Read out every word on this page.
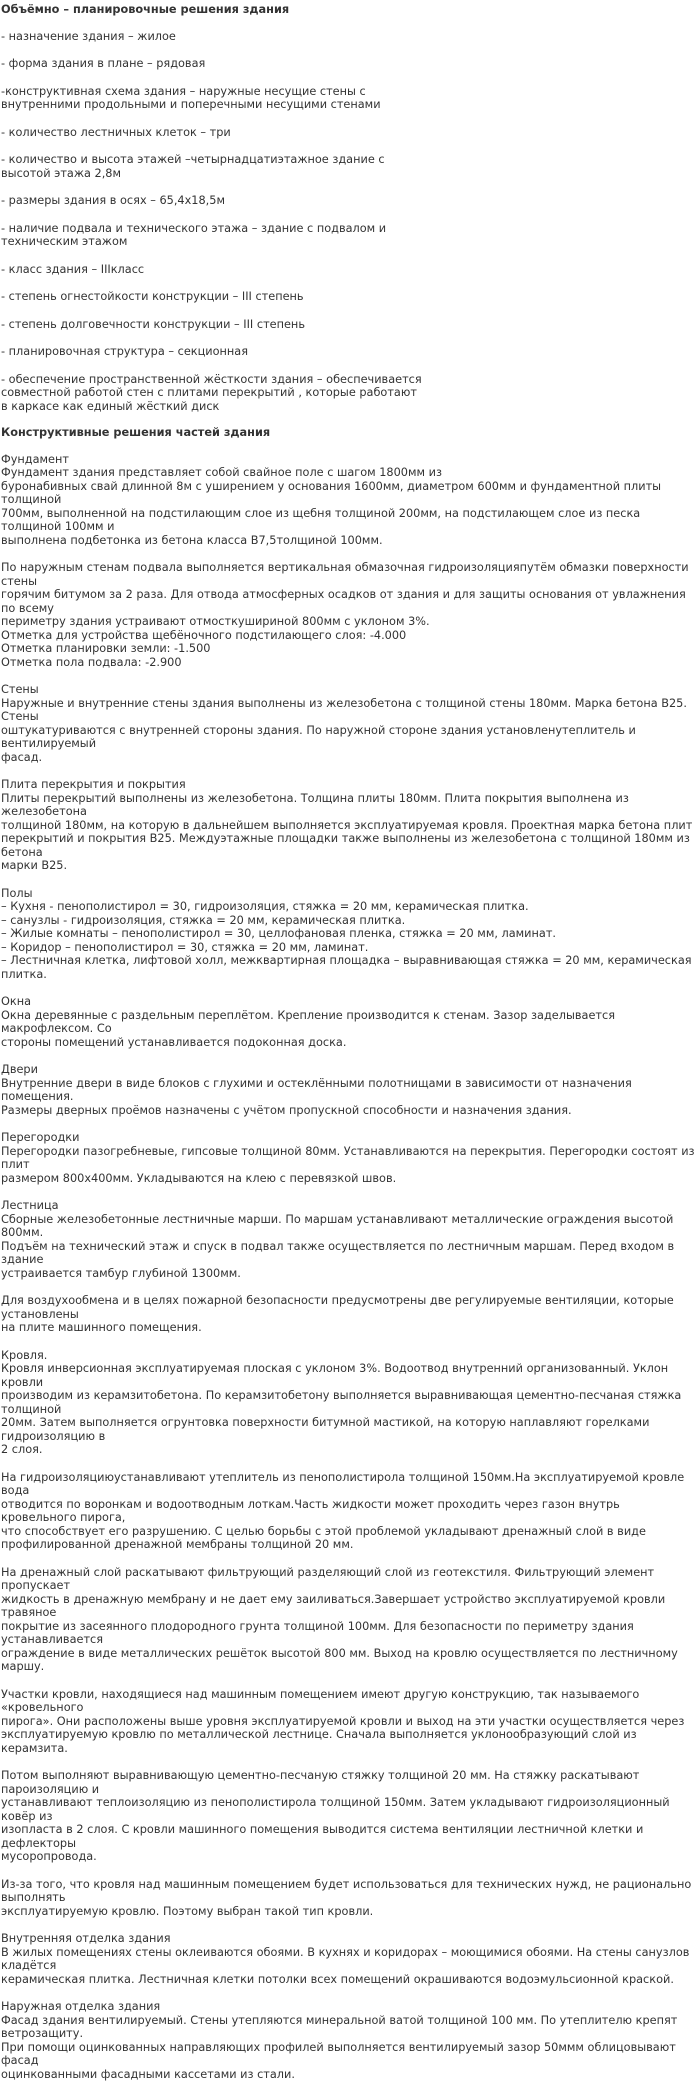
Объёмно – планировочные решения здания

- назначение здания – жилое

- форма здания в плане – рядовая

-конструктивная схема здания – наружные несущие стены с
внутренними продольными и поперечными несущими стенами

- количество лестничных клеток – три

- количество и высота этажей –четырнадцатиэтажное здание с
высотой этажа 2,8м

- размеры здания в осях – 65,4х18,5м

- наличие подвала и технического этажа – здание с подвалом и
техническим этажом

- класс здания – IIIкласс

- степень огнестойкости конструкции – III степень

- степень долговечности конструкции – III степень

- планировочная структура – секционная

- обеспечение пространственной жёсткости здания – обеспечивается
совместной работой стен с плитами перекрытий , которые работают
в каркасе как единый жёсткий диск

Конструктивные решения частей здания

Фундамент

Фундамент здания представляет собой свайное поле с шагом 1800мм из
буронабивных свай длинной 8м с уширением у основания 1600мм, диаметром 600мм и фундаментной плиты толщиной
700мм, выполненной на подстилающим слое из щебня толщиной 200мм, на подстилающем слое из песка толщиной 100мм и
выполнена подбетонка из бетона класса В7,5толщиной 100мм.

По наружным стенам подвала выполняется вертикальная обмазочная гидроизоляцияпутём обмазки поверхности стены
горячим битумом за 2 раза. Для отвода атмосферных осадков от здания и для защиты основания от увлажнения по всему
периметру здания устраивают отмосткушириной 800мм с уклоном 3%.
Отметка для устройства щебёночного подстилающего слоя: -4.000
Отметка планировки земли: -1.500
Отметка пола подвала: -2.900

Стены

Наружные и внутренние стены здания выполнены из железобетона с толщиной стены 180мм. Марка бетона В25. Стены
оштукатуриваются с внутренней стороны здания. По наружной стороне здания установленутеплитель и вентилируемый
фасад.

Плита перекрытия и покрытия

Плиты перекрытий выполнены из железобетона. Толщина плиты 180мм. Плита покрытия выполнена из железобетона
толщиной 180мм, на которую в дальнейшем выполняется эксплуатируемая кровля. Проектная марка бетона плит
перекрытий и покрытия В25. Междуэтажные площадки также выполнены из железобетона с толщиной 180мм из бетона
марки В25.

Полы

– Кухня - пенополистирол = 30, гидроизоляция, стяжка = 20 мм, керамическая плитка.
– санузлы - гидроизоляция, стяжка = 20 мм, керамическая плитка.
– Жилые комнаты – пенополистирол = 30, целлофановая пленка, стяжка = 20 мм, ламинат.
– Коридор – пенополистирол = 30, стяжка = 20 мм, ламинат.
– Лестничная клетка, лифтовой холл, межквартирная площадка – выравнивающая стяжка = 20 мм, керамическая плитка.

Окна

Окна деревянные с раздельным переплётом. Крепление производится к стенам. Зазор заделывается макрофлексом. Со
стороны помещений устанавливается подоконная доска.

Двери

Внутренние двери в виде блоков с глухими и остеклёнными полотнищами в зависимости от назначения помещения.
Размеры дверных проёмов назначены с учётом пропускной способности и назначения здания.

Перегородки

Перегородки пазогребневые, гипсовые толщиной 80мм. Устанавливаются на перекрытия. Перегородки состоят из плит
размером 800х400мм. Укладываются на клею с перевязкой швов.

Лестница

Сборные железобетонные лестничные марши. По маршам устанавливают металлические ограждения высотой 800мм.
Подъём на технический этаж и спуск в подвал также осуществляется по лестничным маршам. Перед входом в здание
устраивается тамбур глубиной 1300мм.

Для воздухообмена и в целях пожарной безопасности предусмотрены две регулируемые вентиляции, которые установлены
на плите машинного помещения.

Кровля.

Кровля инверсионная эксплуатируемая плоская с уклоном 3%. Водоотвод внутренний организованный. Уклон кровли
производим из керамзитобетона. По керамзитобетону выполняется выравнивающая цементно-песчаная стяжка толщиной
20мм. Затем выполняется огрунтовка поверхности битумной мастикой, на которую наплавляют горелками гидроизоляцию в
2 слоя.

На гидроизоляциюустанавливают утеплитель из пенополистирола толщиной 150мм.На эксплуатируемой кровле вода
отводится по воронкам и водоотводным лоткам.Часть жидкости может проходить через газон внутрь кровельного пирога,
что способствует его разрушению. С целью борьбы с этой проблемой укладывают дренажный слой в виде
профилированной дренажной мембраны толщиной 20 мм.

На дренажный слой раскатывают фильтрующий разделяющий слой из геотекстиля. Фильтрующий элемент пропускает
жидкость в дренажную мембрану и не дает ему заиливаться.Завершает устройство эксплуатируемой кровли травяное
покрытие из засеянного плодородного грунта толщиной 100мм. Для безопасности по периметру здания устанавливается
ограждение в виде металлических решёток высотой 800 мм. Выход на кровлю осуществляется по лестничному маршу.

Участки кровли, находящиеся над машинным помещением имеют другую конструкцию, так называемого «кровельного
пирога». Они расположены выше уровня эксплуатируемой кровли и выход на эти участки осуществляется через
эксплуатируемую кровлю по металлической лестнице. Сначала выполняется уклонообразующий слой из керамзита.

Потом выполняют выравнивающую цементно-песчаную стяжку толщиной 20 мм. На стяжку раскатывают пароизоляцию и
устанавливают теплоизоляцию из пенополистирола толщиной 150мм. Затем укладывают гидроизоляционный ковёр из
изопласта в 2 слоя. С кровли машинного помещения выводится система вентиляции лестничной клетки и дефлекторы
мусоропровода.

Из-за того, что кровля над машинным помещением будет использоваться для технических нужд, не рационально выполнять
эксплуатируемую кровлю. Поэтому выбран такой тип кровли.

Внутренняя отделка здания

В жилых помещениях стены оклеиваются обоями. В кухнях и коридорах – моющимися обоями. На стены санузлов кладётся
керамическая плитка. Лестничная клетки потолки всех помещений окрашиваются водоэмульсионной краской.

Наружная отделка здания

Фасад здания вентилируемый. Стены утепляются минеральной ватой толщиной 100 мм. По утеплителю крепят ветрозащиту.
При помощи оцинкованных направляющих профилей выполняется вентилируемый зазор 50ммм облицовывают фасад
оцинкованными фасадными кассетами из стали.
